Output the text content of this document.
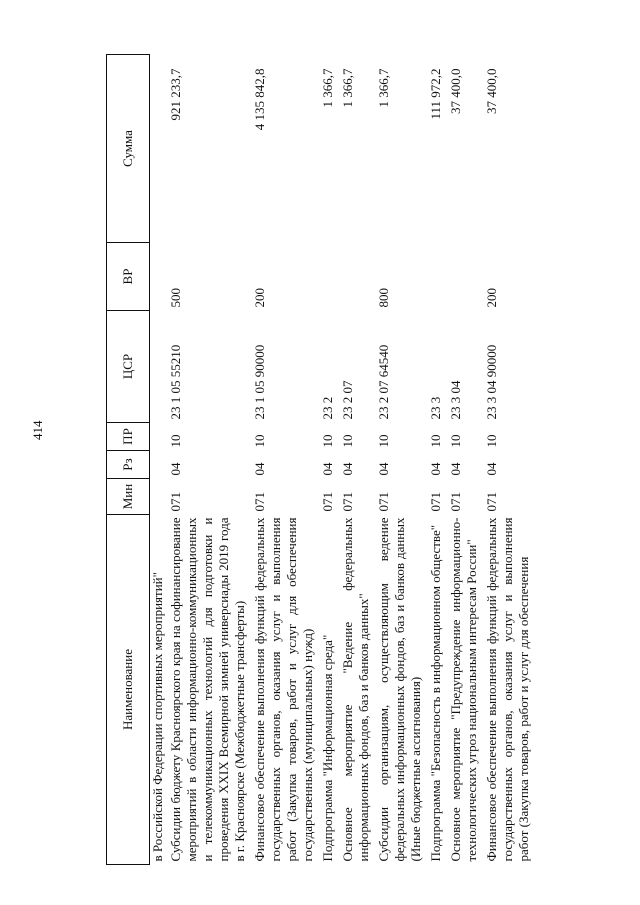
414
Наименование	Мин	Рз	ПР	ЦСР	ВР	Сумма
в Российской Федерации спортивных мероприятий"						
Субсидии бюджету Красноярского края на софинансирование мероприятий в области информационно-коммуникационных и телекоммуникационных технологий для подготовки и проведения XXIX Всемирной зимней универсиады 2019 года в г. Красноярске (Межбюджетные трансферты)	071	04	10	23 1 05 55210	500	921 233,7
Финансовое обеспечение выполнения функций федеральных государственных органов, оказания услуг и выполнения работ (Закупка товаров, работ и услуг для обеспечения государственных (муниципальных) нужд)	071	04	10	23 1 05 90000	200	4 135 842,8
Подпрограмма "Информационная среда"	071	04	10	23 2		1 366,7
Основное мероприятие "Ведение федеральных информационных фондов, баз и банков данных"	071	04	10	23 2 07		1 366,7
Субсидии организациям, осуществляющим ведение федеральных информационных фондов, баз и банков данных (Иные бюджетные ассигнования)	071	04	10	23 2 07 64540	800	1 366,7
Подпрограмма "Безопасность в информационном обществе"	071	04	10	23 3		111 972,2
Основное мероприятие "Предупреждение информационно-технологических угроз национальным интересам России"	071	04	10	23 3 04		37 400,0
Финансовое обеспечение выполнения функций федеральных государственных органов, оказания услуг и выполнения работ (Закупка товаров, работ и услуг для обеспечения	071	04	10	23 3 04 90000	200	37 400,0
